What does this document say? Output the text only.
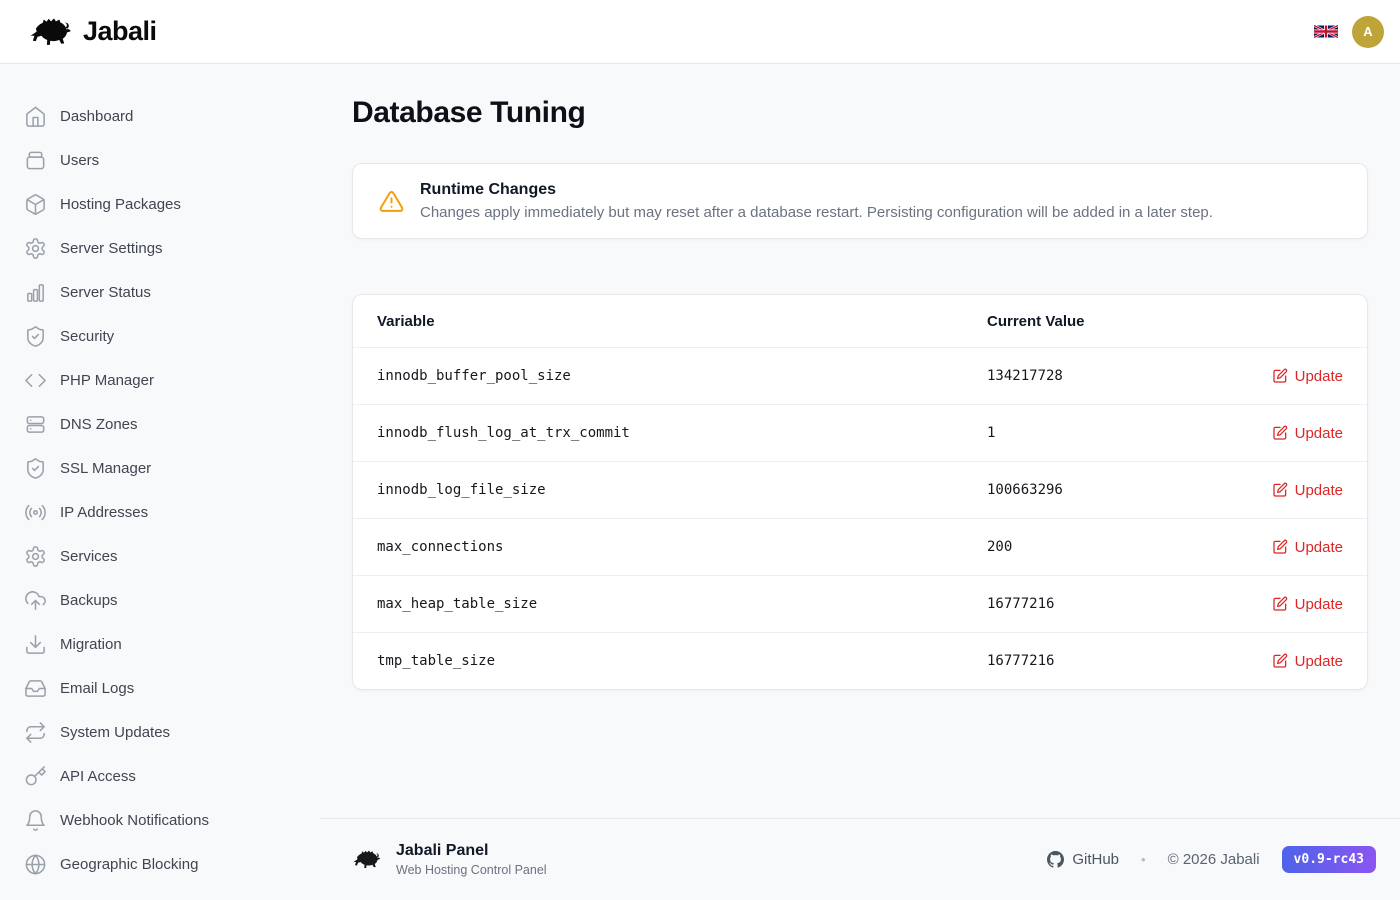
Jabali	A
Dashboard
Users
Hosting Packages
Server Settings
Server Status
Security
PHP Manager
DNS Zones
SSL Manager
IP Addresses
Services
Backups
Migration
Email Logs
System Updates
API Access
Webhook Notifications
Geographic Blocking
Database Tuning
Runtime Changes
Changes apply immediately but may reset after a database restart. Persisting configuration will be added in a later step.
Variable	Current Value
innodb_buffer_pool_size	134217728	Update
innodb_flush_log_at_trx_commit	1	Update
innodb_log_file_size	100663296	Update
max_connections	200	Update
max_heap_table_size	16777216	Update
tmp_table_size	16777216	Update
Jabali Panel
Web Hosting Control Panel
GitHub • © 2026 Jabali	v0.9-rc43
